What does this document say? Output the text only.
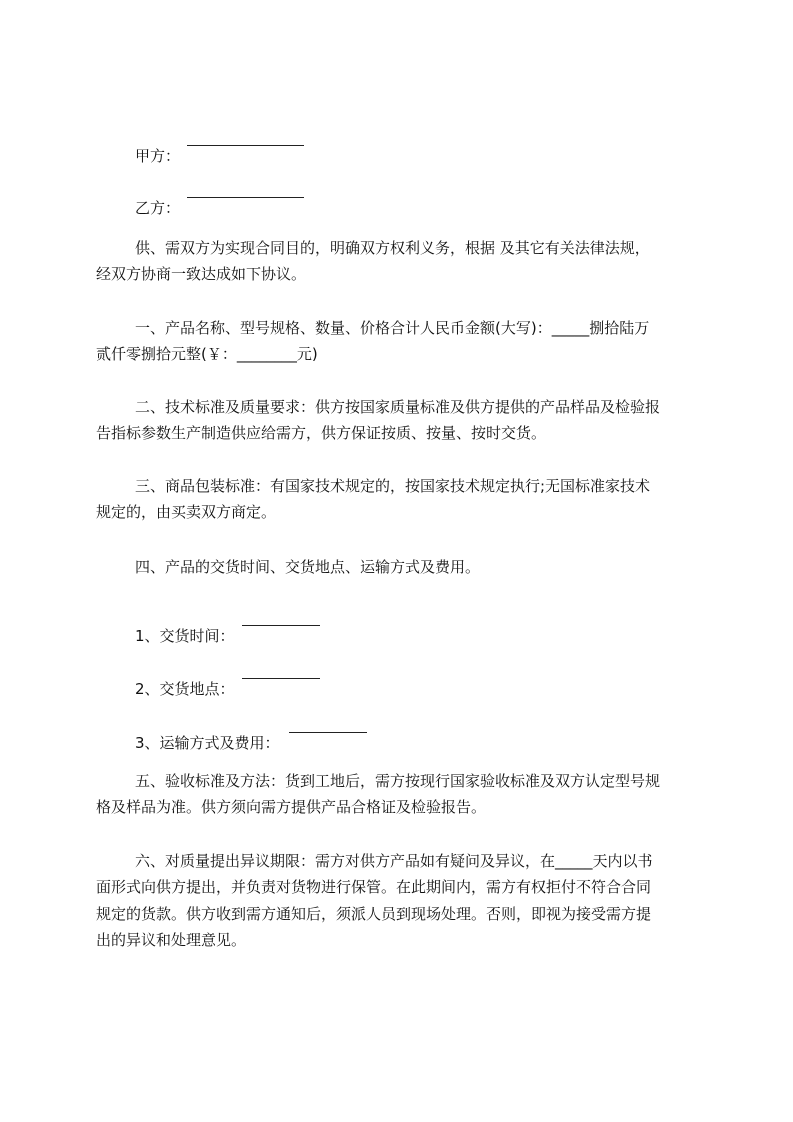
甲方：
乙方：

供、需双方为实现合同目的，明确双方权利义务，根据 及其它有关法律法规，

经双方协商一致达成如下协议。

一、产品名称、型号规格、数量、价格合计人民币金额(大写)：_____捌拾陆万

贰仟零捌拾元整(￥：________元)

二、技术标准及质量要求：供方按国家质量标准及供方提供的产品样品及检验报

告指标参数生产制造供应给需方，供方保证按质、按量、按时交货。

三、商品包装标准：有国家技术规定的，按国家技术规定执行;无国标准家技术

规定的，由买卖双方商定。

四、产品的交货时间、交货地点、运输方式及费用。

1、交货时间：
2、交货地点：
3、运输方式及费用：

五、验收标准及方法：货到工地后，需方按现行国家验收标准及双方认定型号规

格及样品为准。供方须向需方提供产品合格证及检验报告。

六、对质量提出异议期限：需方对供方产品如有疑问及异议，在_____天内以书

面形式向供方提出，并负责对货物进行保管。在此期间内，需方有权拒付不符合合同

规定的货款。供方收到需方通知后，须派人员到现场处理。否则，即视为接受需方提

出的异议和处理意见。
